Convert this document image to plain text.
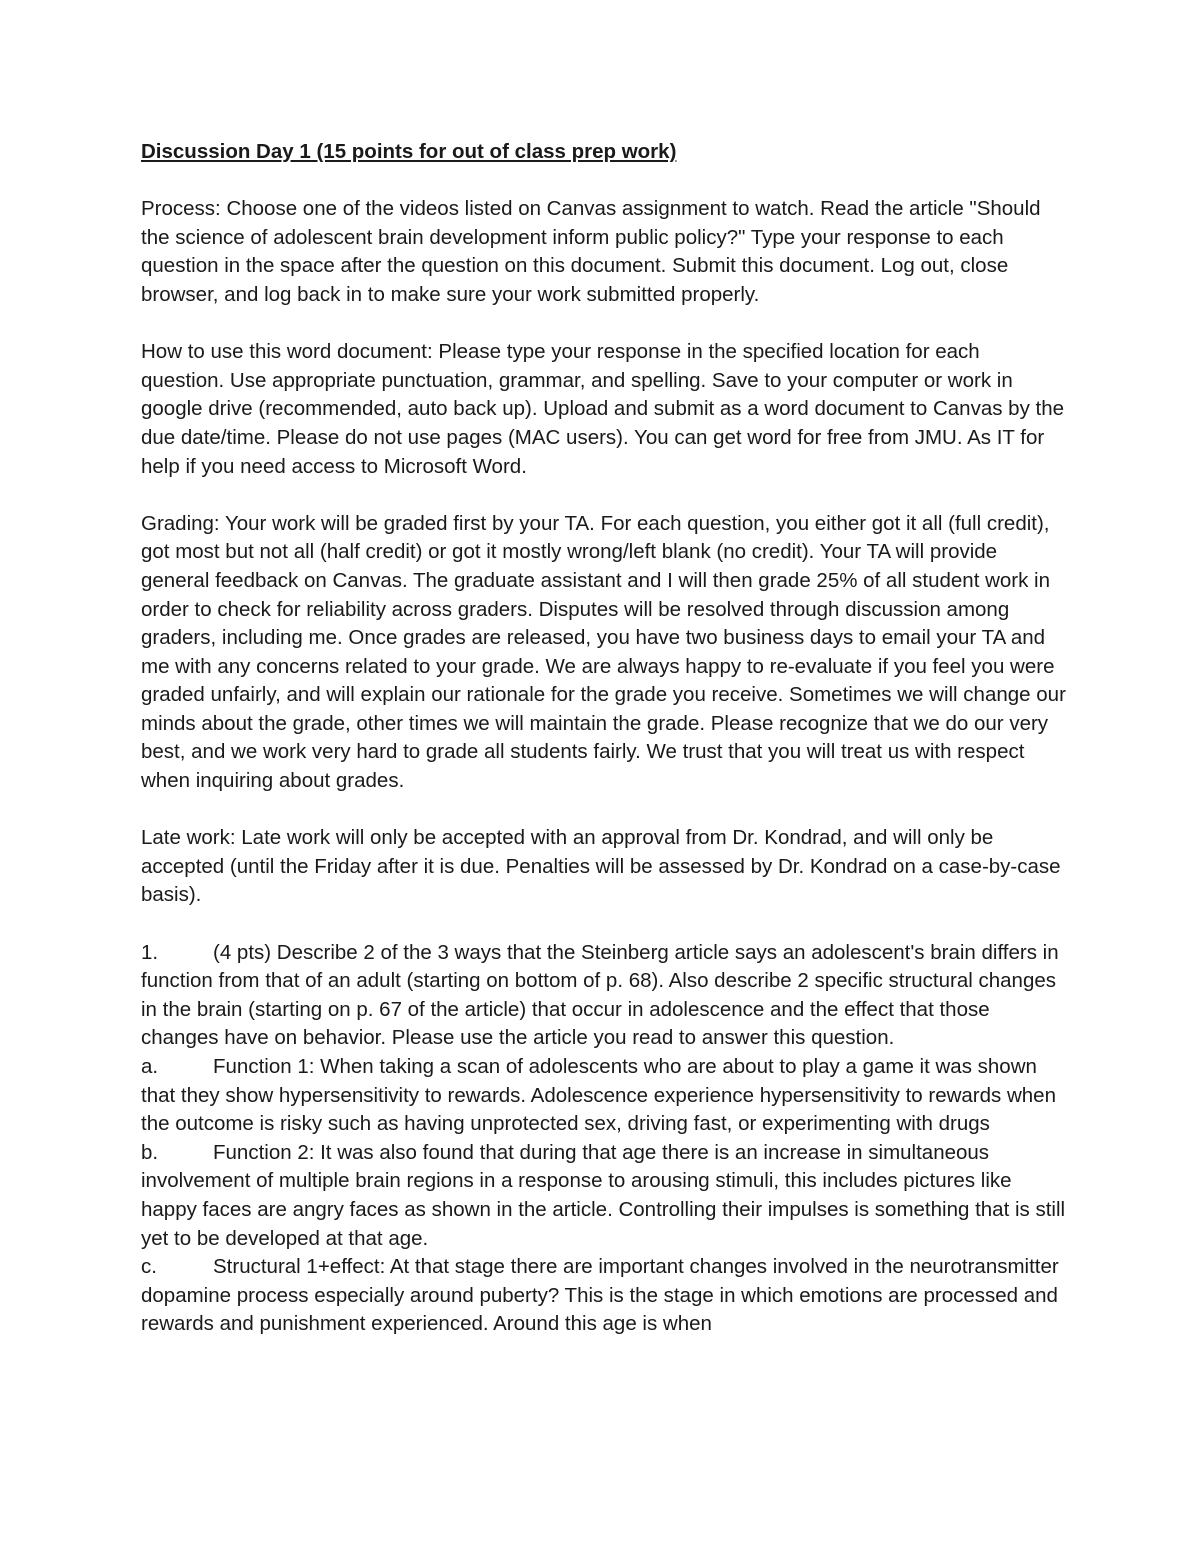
Discussion Day 1 (15 points for out of class prep work)

Process: Choose one of the videos listed on Canvas assignment to watch. Read the article "Should the science of adolescent brain development inform public policy?" Type your response to each question in the space after the question on this document. Submit this document. Log out, close browser, and log back in to make sure your work submitted properly.

How to use this word document: Please type your response in the specified location for each question. Use appropriate punctuation, grammar, and spelling. Save to your computer or work in google drive (recommended, auto back up). Upload and submit as a word document to Canvas by the due date/time. Please do not use pages (MAC users). You can get word for free from JMU. As IT for help if you need access to Microsoft Word.

Grading: Your work will be graded first by your TA. For each question, you either got it all (full credit), got most but not all (half credit) or got it mostly wrong/left blank (no credit). Your TA will provide general feedback on Canvas. The graduate assistant and I will then grade 25% of all student work in order to check for reliability across graders. Disputes will be resolved through discussion among graders, including me. Once grades are released, you have two business days to email your TA and me with any concerns related to your grade. We are always happy to re-evaluate if you feel you were graded unfairly, and will explain our rationale for the grade you receive. Sometimes we will change our minds about the grade, other times we will maintain the grade. Please recognize that we do our very best, and we work very hard to grade all students fairly. We trust that you will treat us with respect when inquiring about grades.

Late work: Late work will only be accepted with an approval from Dr. Kondrad, and will only be accepted (until the Friday after it is due. Penalties will be assessed by Dr. Kondrad on a case-by-case basis).

1.	(4 pts) Describe 2 of the 3 ways that the Steinberg article says an adolescent's brain differs in function from that of an adult (starting on bottom of p. 68). Also describe 2 specific structural changes in the brain (starting on p. 67 of the article) that occur in adolescence and the effect that those changes have on behavior. Please use the article you read to answer this question.

a.	Function 1: When taking a scan of adolescents who are about to play a game it was shown that they show hypersensitivity to rewards. Adolescence experience hypersensitivity to rewards when the outcome is risky such as having unprotected sex, driving fast, or experimenting with drugs

b.	Function 2: It was also found that during that age there is an increase in simultaneous involvement of multiple brain regions in a response to arousing stimuli, this includes pictures like happy faces are angry faces as shown in the article. Controlling their impulses is something that is still yet to be developed at that age.

c.	Structural 1+effect: At that stage there are important changes involved in the neurotransmitter dopamine process especially around puberty? This is the stage in which emotions are processed and rewards and punishment experienced. Around this age is when
